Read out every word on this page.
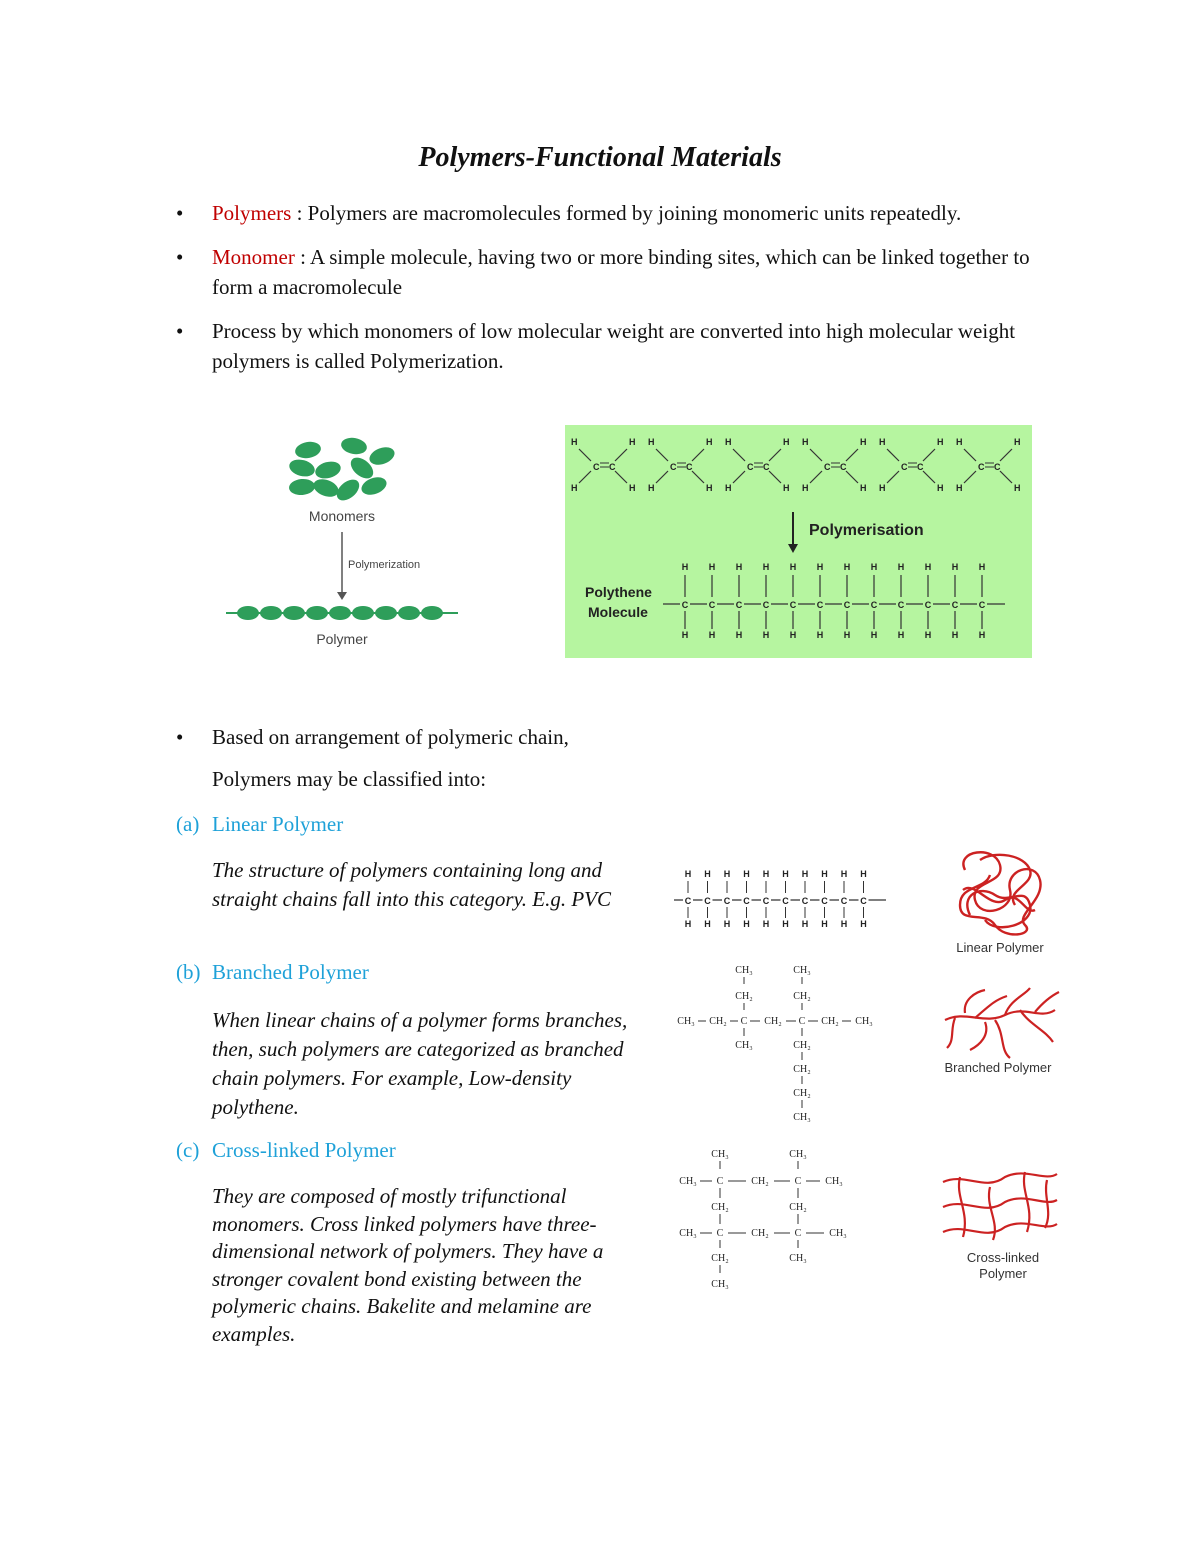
Polymers-Functional Materials
•	Polymers : Polymers are macromolecules formed by joining monomeric units repeatedly.
•	Monomer : A simple molecule, having two or more binding sites, which can be linked together to form a macromolecule
•	Process by which monomers of low molecular weight are converted into high molecular weight polymers is called Polymerization.
Monomers
Polymerization
Polymer
H	H
H	H
C C
H	H
H	H
C C
H	H
H	H
C C
H	H
H	H
C C
H	H
H	H
C C
H	H
H	H
C C
Polymerisation
Polythene
Molecule
H
H
C
H
H
C
H
H
C
H
H
C
H
H
C
H
H
C
H
H
C
H
H
C
H
H
C
H
H
C
H
H
C
H
H
C
•	Based on arrangement of polymeric chain,
Polymers may be classified into:
(a) Linear Polymer
The structure of polymers containing long and straight chains fall into this category. E.g. PVC
H
H
C
H
H
C
H
H
C
H
H
C
H
H
C
H
H
C
H
H
C
H
H
C
H
H
C
H
H
C
(b) Branched Polymer
When linear chains of a polymer forms branches, then, such polymers are categorized as branched chain polymers. For example, Low-density polythene.
CH₃	CH₃
CH₂	CH₂
CH₃ CH₂ C CH₂ C CH₂ CH₃
CH₃	CH₂
CH₂
CH₂
CH₃
(c) Cross-linked Polymer
They are composed of mostly trifunctional monomers. Cross linked polymers have three-dimensional network of polymers. They have a stronger covalent bond existing between the polymeric chains. Bakelite and melamine are examples.
CH₃	CH₃
CH₃ C	CH₂	C CH₃
CH₂	CH₂
CH₃ C	CH₂	C	CH₃
CH₂	CH₃
CH₃
Linear Polymer
Branched Polymer
Cross-linked
Polymer
